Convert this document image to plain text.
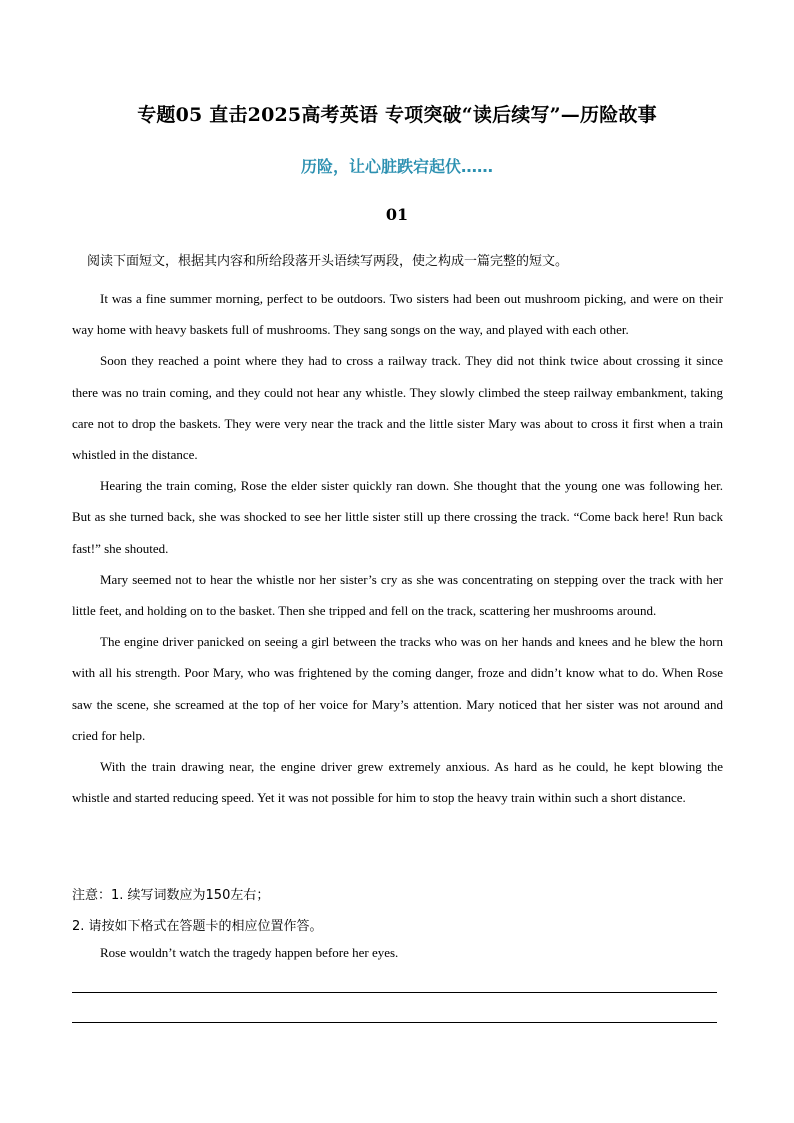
专题05 直击2025高考英语 专项突破“读后续写”—历险故事
历险，让心脏跌宕起伏……
01
阅读下面短文，根据其内容和所给段落开头语续写两段，使之构成一篇完整的短文。

It was a fine summer morning, perfect to be outdoors. Two sisters had been out mushroom picking, and were on their way home with heavy baskets full of mushrooms. They sang songs on the way, and played with each other.

Soon they reached a point where they had to cross a railway track. They did not think twice about crossing it since there was no train coming, and they could not hear any whistle. They slowly climbed the steep railway embankment, taking care not to drop the baskets. They were very near the track and the little sister Mary was about to cross it first when a train whistled in the distance.

Hearing the train coming, Rose the elder sister quickly ran down. She thought that the young one was following her. But as she turned back, she was shocked to see her little sister still up there crossing the track. “Come back here! Run back fast!” she shouted.

Mary seemed not to hear the whistle nor her sister’s cry as she was concentrating on stepping over the track with her little feet, and holding on to the basket. Then she tripped and fell on the track, scattering her mushrooms around.

The engine driver panicked on seeing a girl between the tracks who was on her hands and knees and he blew the horn with all his strength. Poor Mary, who was frightened by the coming danger, froze and didn’t know what to do. When Rose saw the scene, she screamed at the top of her voice for Mary’s attention. Mary noticed that her sister was not around and cried for help.

With the train drawing near, the engine driver grew extremely anxious. As hard as he could, he kept blowing the whistle and started reducing speed. Yet it was not possible for him to stop the heavy train within such a short distance.

注意：1. 续写词数应为150左右；
2. 请按如下格式在答题卡的相应位置作答。
Rose wouldn’t watch the tragedy happen before her eyes.
